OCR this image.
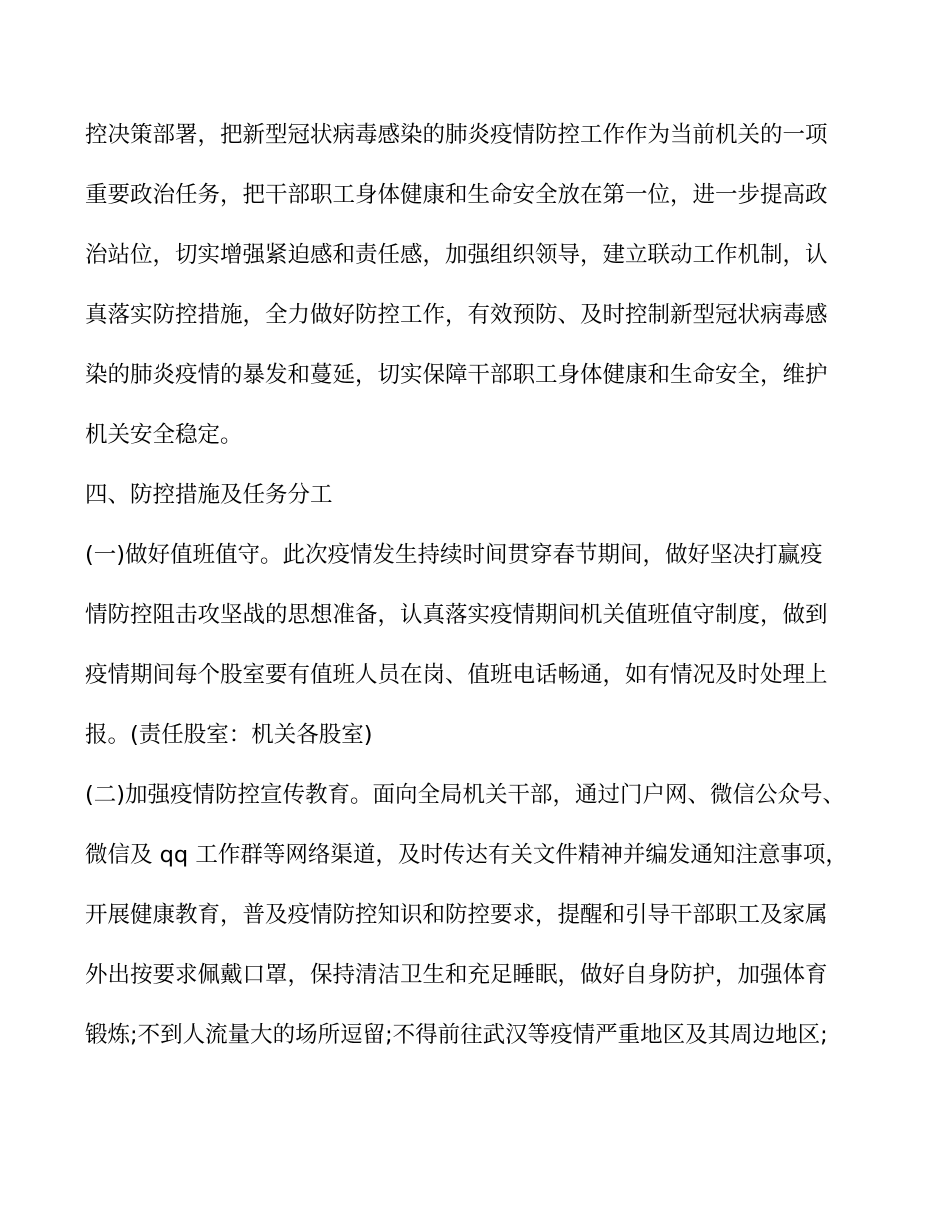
控决策部署，把新型冠状病毒感染的肺炎疫情防控工作作为当前机关的一项
重要政治任务，把干部职工身体健康和生命安全放在第一位，进一步提高政
治站位，切实增强紧迫感和责任感，加强组织领导，建立联动工作机制，认
真落实防控措施，全力做好防控工作，有效预防、及时控制新型冠状病毒感
染的肺炎疫情的暴发和蔓延，切实保障干部职工身体健康和生命安全，维护
机关安全稳定。
四、防控措施及任务分工
(一)做好值班值守。此次疫情发生持续时间贯穿春节期间，做好坚决打赢疫
情防控阻击攻坚战的思想准备，认真落实疫情期间机关值班值守制度，做到
疫情期间每个股室要有值班人员在岗、值班电话畅通，如有情况及时处理上
报。(责任股室：机关各股室)
(二)加强疫情防控宣传教育。面向全局机关干部，通过门户网、微信公众号、
微信及 qq 工作群等网络渠道，及时传达有关文件精神并编发通知注意事项，
开展健康教育，普及疫情防控知识和防控要求，提醒和引导干部职工及家属
外出按要求佩戴口罩，保持清洁卫生和充足睡眠，做好自身防护，加强体育
锻炼;不到人流量大的场所逗留;不得前往武汉等疫情严重地区及其周边地区;
